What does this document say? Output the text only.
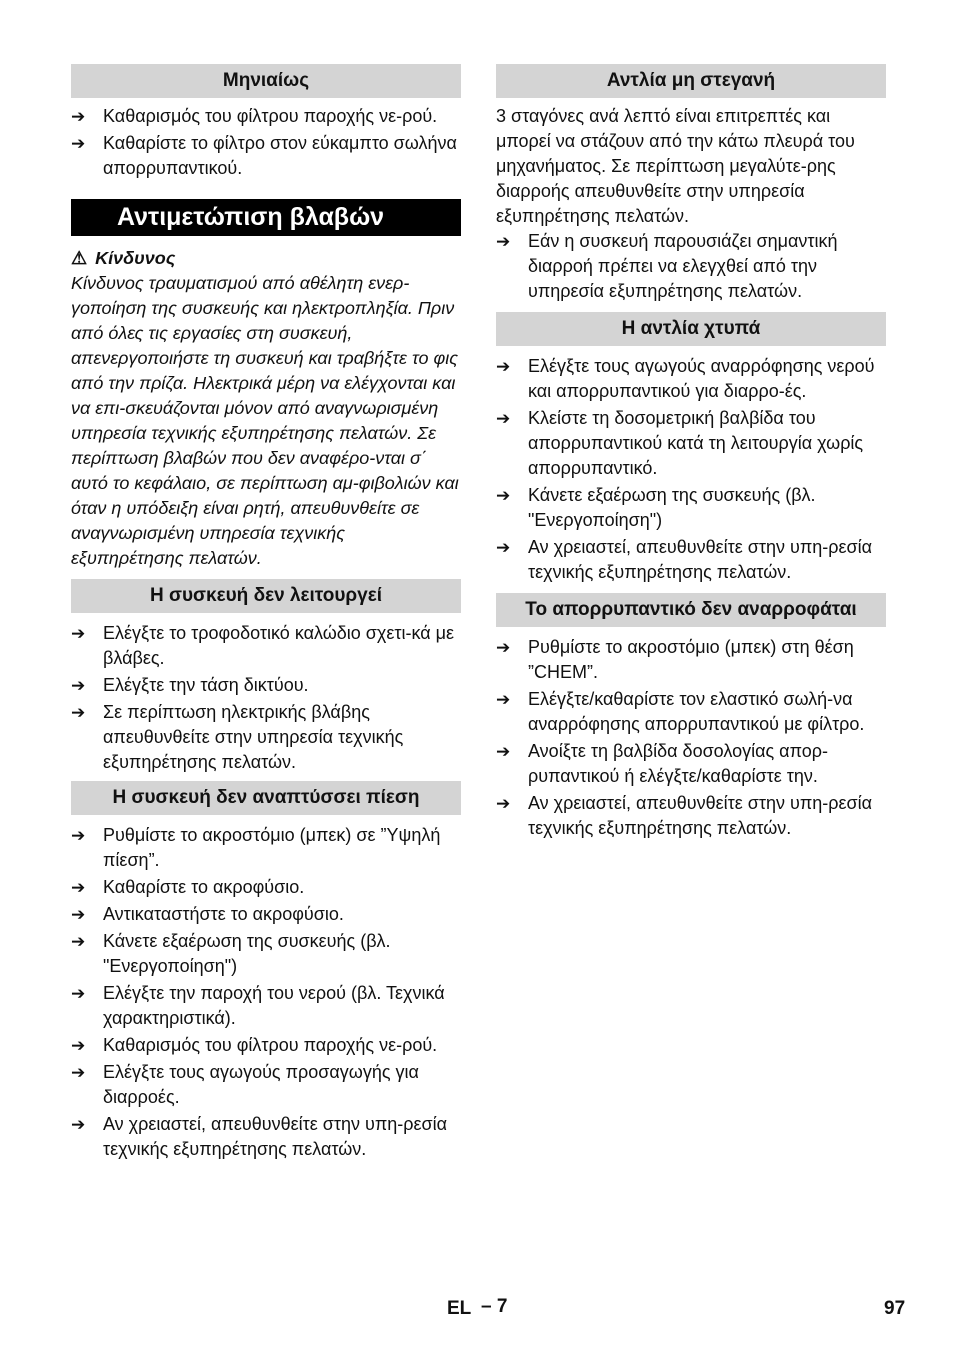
Μηνιαίως
➔ Καθαρισμός του φίλτρου παροχής νε-ρού.
➔ Καθαρίστε το φίλτρο στον εύκαμπτο σωλήνα απορρυπαντικού.
Αντιμετώπιση βλαβών
⚠ Κίνδυνος
Κίνδυνος τραυματισμού από αθέλητη ενερ-γοποίηση της συσκευής και ηλεκτροπληξία. Πριν από όλες τις εργασίες στη συσκευή, απενεργοποιήστε τη συσκευή και τραβήξτε το φις από την πρίζα. Ηλεκτρικά μέρη να ελέγχονται και να επι-σκευάζονται μόνον από αναγνωρισμένη υπηρεσία τεχνικής εξυπηρέτησης πελατών. Σε περίπτωση βλαβών που δεν αναφέρο-νται σ΄ αυτό το κεφάλαιο, σε περίπτωση αμ-φιβολιών και όταν η υπόδειξη είναι ρητή, απευθυνθείτε σε αναγνωρισμένη υπηρεσία τεχνικής εξυπηρέτησης πελατών.
Η συσκευή δεν λειτουργεί
➔ Ελέγξτε το τροφοδοτικό καλώδιο σχετι-κά με βλάβες.
➔ Ελέγξτε την τάση δικτύου.
➔ Σε περίπτωση ηλεκτρικής βλάβης απευθυνθείτε στην υπηρεσία τεχνικής εξυπηρέτησης πελατών.
Η συσκευή δεν αναπτύσσει πίεση
➔ Ρυθμίστε το ακροστόμιο (μπεκ) σε ”Υψηλή πίεση”.
➔ Καθαρίστε το ακροφύσιο.
➔ Αντικαταστήστε το ακροφύσιο.
➔ Κάνετε εξαέρωση της συσκευής (βλ. "Ενεργοποίηση")
➔ Ελέγξτε την παροχή του νερού (βλ. Τεχνικά χαρακτηριστικά).
➔ Καθαρισμός του φίλτρου παροχής νε-ρού.
➔ Ελέγξτε τους αγωγούς προσαγωγής για διαρροές.
➔ Αν χρειαστεί, απευθυνθείτε στην υπη-ρεσία τεχνικής εξυπηρέτησης πελατών.
Αντλία μη στεγανή
3 σταγόνες ανά λεπτό είναι επιτρεπτές και μπορεί να στάζουν από την κάτω πλευρά του μηχανήματος. Σε περίπτωση μεγαλύτε-ρης διαρροής απευθυνθείτε στην υπηρεσία εξυπηρέτησης πελατών.
➔ Εάν η συσκευή παρουσιάζει σημαντική διαρροή πρέπει να ελεγχθεί από την υπηρεσία εξυπηρέτησης πελατών.
Η αντλία χτυπά
➔ Ελέγξτε τους αγωγούς αναρρόφησης νερού και απορρυπαντικού για διαρρο-ές.
➔ Κλείστε τη δοσομετρική βαλβίδα του απορρυπαντικού κατά τη λειτουργία χωρίς απορρυπαντικό.
➔ Κάνετε εξαέρωση της συσκευής (βλ. "Ενεργοποίηση")
➔ Αν χρειαστεί, απευθυνθείτε στην υπη-ρεσία τεχνικής εξυπηρέτησης πελατών.
Το απορρυπαντικό δεν αναρροφάται
➔ Ρυθμίστε το ακροστόμιο (μπεκ) στη θέση ”CHEM”.
➔ Ελέγξτε/καθαρίστε τον ελαστικό σωλή-να αναρρόφησης απορρυπαντικού με φίλτρο.
➔ Ανοίξτε τη βαλβίδα δοσολογίας απορ-ρυπαντικού ή ελέγξτε/καθαρίστε την.
➔ Αν χρειαστεί, απευθυνθείτε στην υπη-ρεσία τεχνικής εξυπηρέτησης πελατών.
EL – 7	97
